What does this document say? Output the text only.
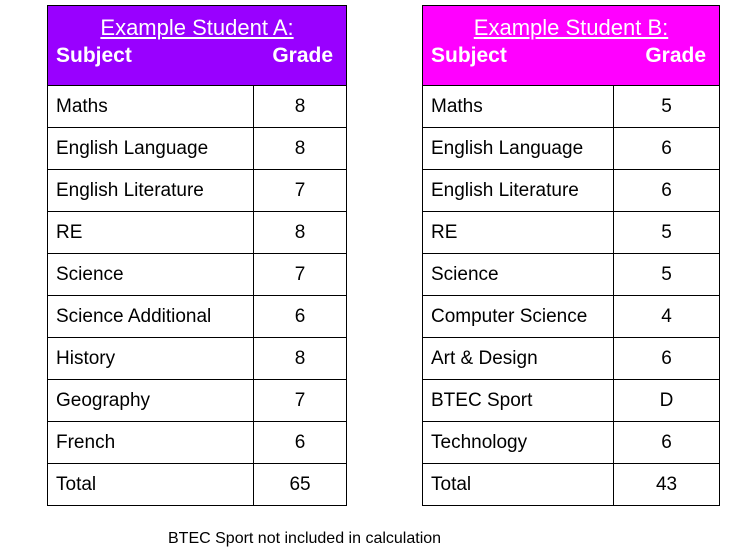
Example Student A:
Subject Grade	

Maths	8
English Language	8
English Literature	7
RE	8
Science	7
Science Additional	6
History	8
Geography	7
French	6
Total	65
Example Student B:
Subject Grade	

Maths	5
English Language	6
English Literature	6
RE	5
Science	5
Computer Science	4
Art & Design	6
BTEC Sport	D
Technology	6
Total	43
BTEC Sport not included in calculation
